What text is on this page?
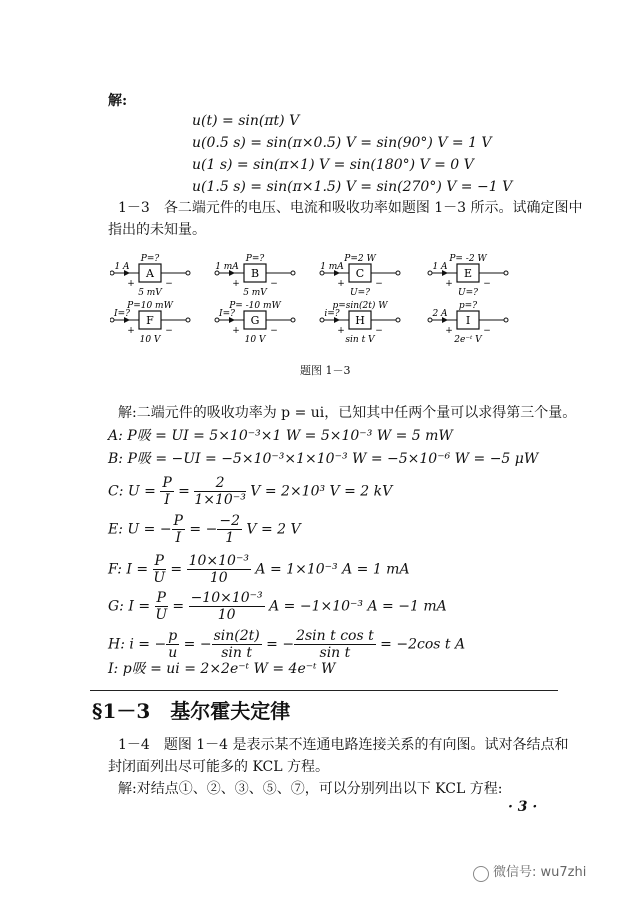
解:
u(t) = sin(πt) V
u(0.5 s) = sin(π×0.5) V = sin(90°) V = 1 V
u(1 s) = sin(π×1) V = sin(180°) V = 0 V
u(1.5 s) = sin(π×1.5) V = sin(270°) V = −1 V
1－3　各二端元件的电压、电流和吸收功率如题图 1－3 所示。试确定图中
指出的未知量。
A
P=?
5 mV
1 A
+	−
B
P=?
5 mV
1 mA
+	−
C
P=2 W
U=?
1 mA
+	−
E
P= -2 W
U=?
1 A
+	−
F
P=10 mW
10 V
I=?
+	−
G
P= -10 mW
10 V
I=?
+	−
H
p=sin(2t) W
sin t V
i=?
+	−
I
p=?
2e⁻ᵗ V
2 A
+	−
题图 1－3
解:二端元件的吸收功率为 p = ui，已知其中任两个量可以求得第三个量。
A: P吸 = UI = 5×10⁻³×1 W = 5×10⁻³ W = 5 mW
B: P吸 = −UI = −5×10⁻³×1×10⁻³ W = −5×10⁻⁶ W = −5 μW
C: $U = \frac{P}{I} = \frac{2}{\text{1×10⁻³}}$ V = 2×10³ V = 2 kV
E: U = − $\frac{P}{I}$ = − $\frac{-2}{1}$ V = 2 V
F: $I = \frac{P}{U} = \frac{\text{10×10⁻³}}{10}$ A = 1×10⁻³ A = 1 mA
G: $I = \frac{P}{U} = \frac{\text{−10×10⁻³}}{10}$ A = −1×10⁻³ A = −1 mA
H: i = − $\frac{p}{u}$ = − $\frac{\sin(2t)}{\text{sin t}}$ = − $\frac{\text{2sin t cos t}}{\text{sin t}} = -2\cos$ t A
I: p吸 = ui = 2×2e⁻ᵗ W = 4e⁻ᵗ W
§1－3　基尔霍夫定律
1－4　题图 1－4 是表示某不连通电路连接关系的有向图。试对各结点和
封闭面列出尽可能多的 KCL 方程。
解:对结点①、②、③、⑤、⑦，可以分别列出以下 KCL 方程:
· 3 ·
微信号: wu7zhi
